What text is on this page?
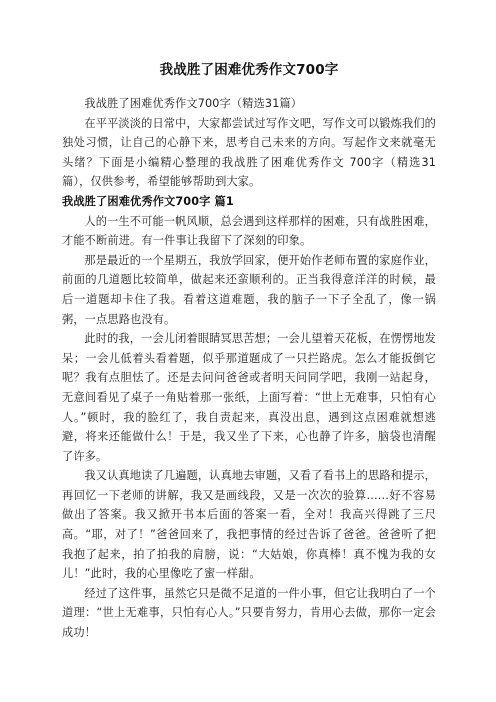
我战胜了困难优秀作文700字

我战胜了困难优秀作文700字（精选31篇）

在平平淡淡的日常中，大家都尝试过写作文吧，写作文可以锻炼我们的独处习惯，让自己的心静下来，思考自己未来的方向。写起作文来就毫无头绪？下面是小编精心整理的我战胜了困难优秀作文 700字（精选31篇），仅供参考，希望能够帮助到大家。

我战胜了困难优秀作文700字 篇1

人的一生不可能一帆风顺，总会遇到这样那样的困难，只有战胜困难，才能不断前进。有一件事让我留下了深刻的印象。

那是最近的一个星期五，我放学回家，便开始作老师布置的家庭作业，前面的几道题比较简单，做起来还蛮顺利的。正当我得意洋洋的时候，最后一道题却卡住了我。看着这道难题，我的脑子一下子全乱了，像一锅粥，一点思路也没有。

此时的我，一会儿闭着眼睛冥思苦想；一会儿望着天花板，在愣愣地发呆；一会儿低着头看着题，似乎那道题成了一只拦路虎。怎么才能扳倒它呢？我有点胆怯了。还是去问问爸爸或者明天问同学吧，我刚一站起身，无意间看见了桌子一角贴着那一张纸，上面写着：“世上无难事，只怕有心人。”顿时，我的脸红了，我自责起来，真没出息，遇到这点困难就想逃避，将来还能做什么！于是，我又坐了下来，心也静了许多，脑袋也清醒了许多。

我又认真地读了几遍题，认真地去审题，又看了看书上的思路和提示，再回忆一下老师的讲解，我又是画线段，又是一次次的验算……好不容易做出了答案。我又掀开书本后面的答案一看，全对！我高兴得跳了三尺高。“耶，对了！”爸爸回来了，我把事情的经过告诉了爸爸。爸爸听了把我抱了起来，拍了拍我的肩膀，说：“大姑娘，你真棒！真不愧为我的女儿！”此时，我的心里像吃了蜜一样甜。

经过了这件事，虽然它只是微不足道的一件小事，但它让我明白了一个道理：“世上无难事，只怕有心人。”只要肯努力，肯用心去做，那你一定会成功！
